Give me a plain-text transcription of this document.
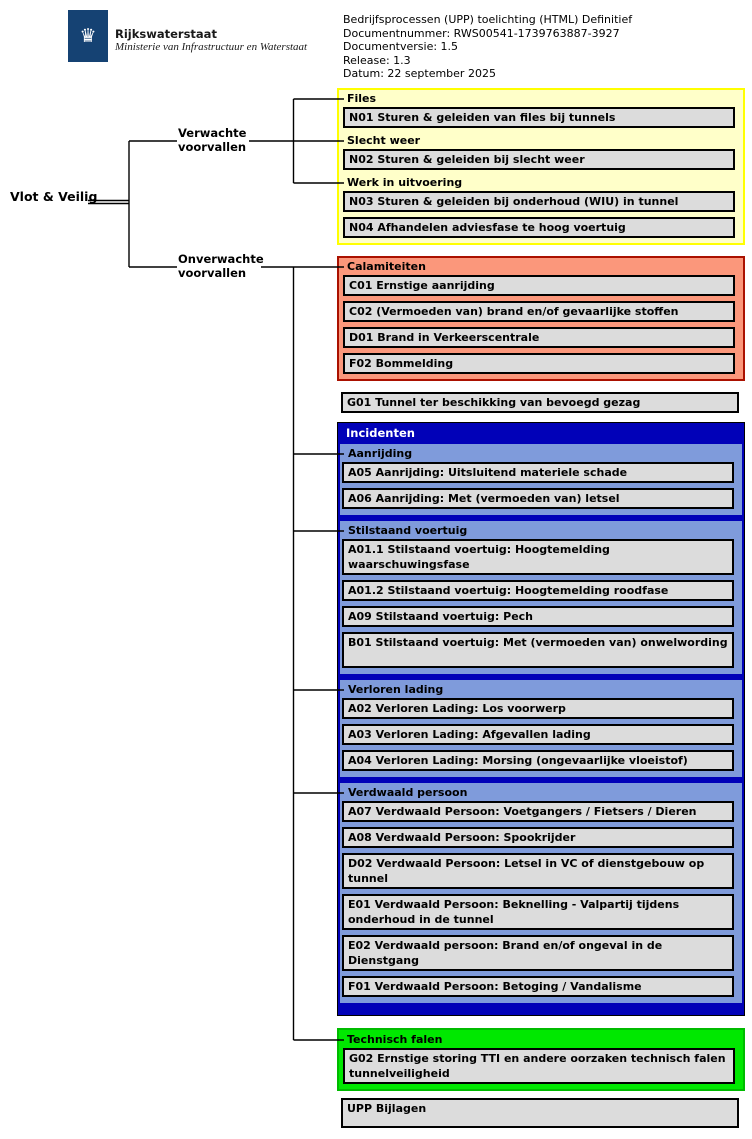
♛ Rijkswaterstaat
Ministerie van Infrastructuur en Waterstaat
Bedrijfsprocessen (UPP) toelichting (HTML) Definitief
Documentnummer: RWS00541-1739763887-3927
Documentversie: 1.5
Release: 1.3
Datum: 22 september 2025
Vlot & Veilig
Verwachte voorvallen
Onverwachte voorvallen
Files
N01 Sturen & geleiden van files bij tunnels
Slecht weer
N02 Sturen & geleiden bij slecht weer
Werk in uitvoering
N03 Sturen & geleiden bij onderhoud (WIU) in tunnel
N04 Afhandelen adviesfase te hoog voertuig
Calamiteiten
C01 Ernstige aanrijding
C02 (Vermoeden van) brand en/of gevaarlijke stoffen
D01 Brand in Verkeerscentrale
F02 Bommelding
G01 Tunnel ter beschikking van bevoegd gezag
Incidenten
Aanrijding
A05 Aanrijding: Uitsluitend materiele schade
A06 Aanrijding: Met (vermoeden van) letsel
Stilstaand voertuig
A01.1 Stilstaand voertuig: Hoogtemelding waarschuwingsfase
A01.2 Stilstaand voertuig: Hoogtemelding roodfase
A09 Stilstaand voertuig: Pech
B01 Stilstaand voertuig: Met (vermoeden van) onwelwording
Verloren lading
A02 Verloren Lading: Los voorwerp
A03 Verloren Lading: Afgevallen lading
A04 Verloren Lading: Morsing (ongevaarlijke vloeistof)
Verdwaald persoon
A07 Verdwaald Persoon: Voetgangers / Fietsers / Dieren
A08 Verdwaald Persoon: Spookrijder
D02 Verdwaald Persoon: Letsel in VC of dienstgebouw op tunnel
E01 Verdwaald Persoon: Beknelling - Valpartij tijdens onderhoud in de tunnel
E02 Verdwaald persoon: Brand en/of ongeval in de Dienstgang
F01 Verdwaald Persoon: Betoging / Vandalisme
Technisch falen
G02 Ernstige storing TTI en andere oorzaken technisch falen tunnelveiligheid
UPP Bijlagen
